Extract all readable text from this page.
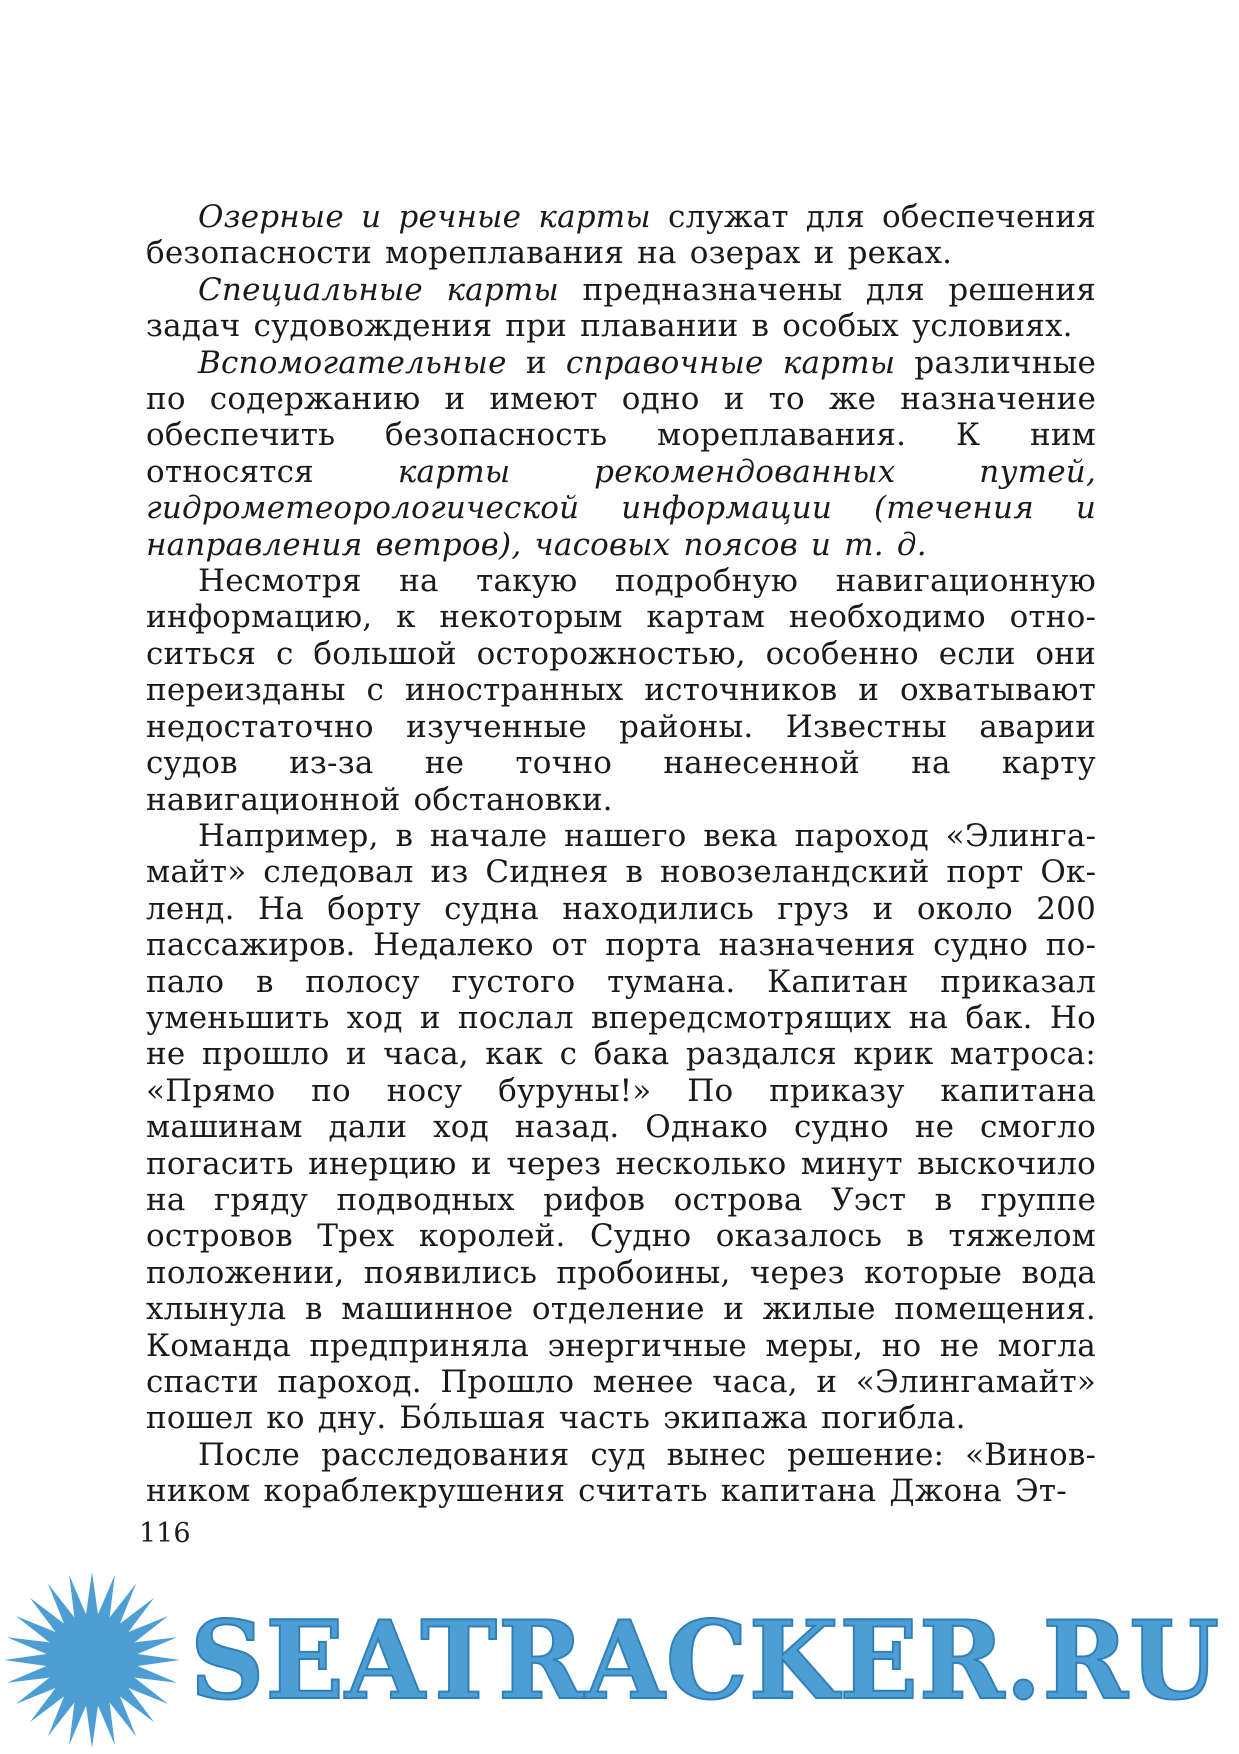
Озерные и речные карты служат для обеспечения безопасности мореплавания на озерах и реках.

Специальные карты предназначены для решения задач судовождения при плавании в особых условиях.

Вспомогательные и справочные карты различные по содержанию и имеют одно и то же назначение обеспечить безопасность мореплавания. К ним относятся карты рекомендованных путей, гидрометеорологической информации (течения и направления ветров), часовых поясов и т. д.

Несмотря на такую подробную навигационную информацию, к некоторым картам необходимо относиться с большой осторожностью, особенно если они переизданы с иностранных источников и охватывают недостаточно изученные районы. Известны аварии судов из-за не точно нанесенной на карту навигационной обстановки.

Например, в начале нашего века пароход «Элингамайт» следовал из Сиднея в новозеландский порт Окленд. На борту судна находились груз и около 200 пассажиров. Недалеко от порта назначения судно попало в полосу густого тумана. Капитан приказал уменьшить ход и послал впередсмотрящих на бак. Но не прошло и часа, как с бака раздался крик матроса: «Прямо по носу буруны!» По приказу капитана машинам дали ход назад. Однако судно не смогло погасить инерцию и через несколько минут выскочило на гряду подводных рифов острова Уэст в группе островов Трех королей. Судно оказалось в тяжелом положении, появились пробоины, через которые вода хлынула в машинное отделение и жилые помещения. Команда предприняла энергичные меры, но не могла спасти пароход. Прошло менее часа, и «Элингамайт» пошел ко дну. Бóльшая часть экипажа погибла.

После расследования суд вынес решение: «Виновником кораблекрушения считать капитана Джона Эт-

116
SEATRACKER.RU
